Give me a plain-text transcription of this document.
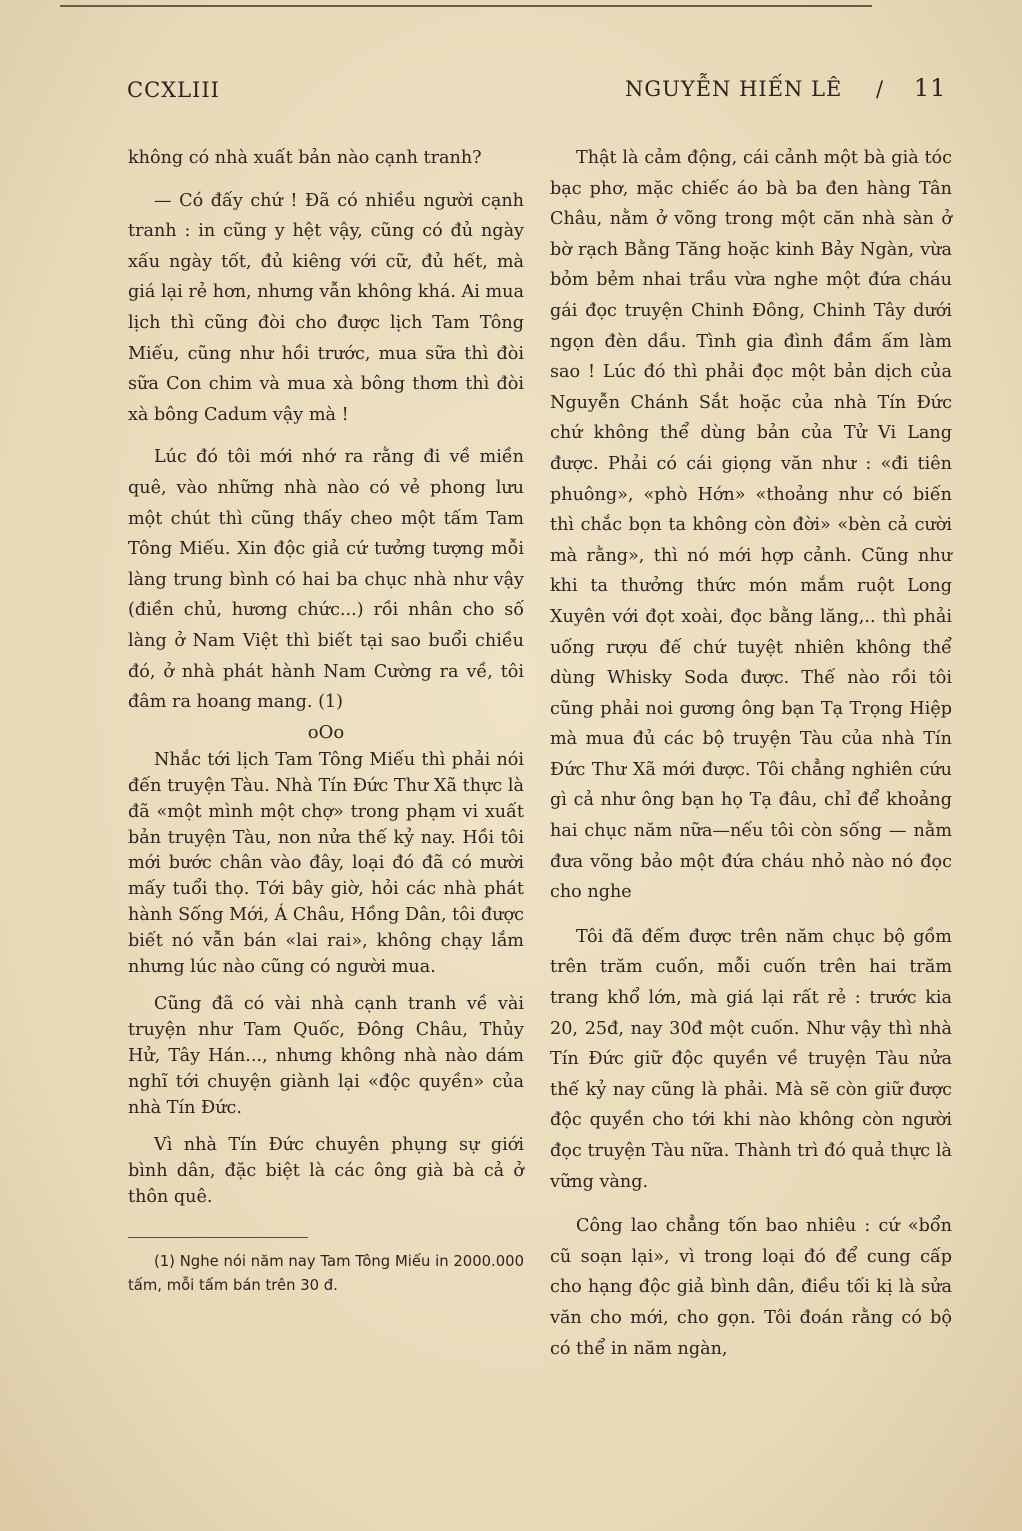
CCXLIII	NGUYỄN HIẾN LÊ / 11

không có nhà xuất bản nào cạnh tranh?

— Có đấy chứ ! Đã có nhiều người cạnh tranh : in cũng y hệt vậy, cũng có đủ ngày xấu ngày tốt, đủ kiêng với cữ, đủ hết, mà giá lại rẻ hơn, nhưng vẫn không khá. Ai mua lịch thì cũng đòi cho được lịch Tam Tông Miếu, cũng như hồi trước, mua sữa thì đòi sữa Con chim và mua xà bông thơm thì đòi xà bông Cadum vậy mà !

Lúc đó tôi mới nhớ ra rằng đi về miền quê, vào những nhà nào có vẻ phong lưu một chút thì cũng thấy cheo một tấm Tam Tông Miếu. Xin độc giả cứ tưởng tượng mỗi làng trung bình có hai ba chục nhà như vậy (điền chủ, hương chức...) rồi nhân cho số làng ở Nam Việt thì biết tại sao buổi chiều đó, ở nhà phát hành Nam Cường ra về, tôi đâm ra hoang mang. (1)

oOo

Nhắc tới lịch Tam Tông Miếu thì phải nói đến truyện Tàu. Nhà Tín Đức Thư Xã thực là đã «một mình một chợ» trong phạm vi xuất bản truyện Tàu, non nửa thế kỷ nay. Hồi tôi mới bước chân vào đây, loại đó đã có mười mấy tuổi thọ. Tới bây giờ, hỏi các nhà phát hành Sống Mới, Á Châu, Hồng Dân, tôi được biết nó vẫn bán «lai rai», không chạy lắm nhưng lúc nào cũng có người mua.

Cũng đã có vài nhà cạnh tranh về vài truyện như Tam Quốc, Đông Châu, Thủy Hử, Tây Hán..., nhưng không nhà nào dám nghĩ tới chuyện giành lại «độc quyền» của nhà Tín Đức.

Vì nhà Tín Đức chuyên phụng sự giới bình dân, đặc biệt là các ông già bà cả ở thôn quê.

(1) Nghe nói năm nay Tam Tông Miếu in 2000.000 tấm, mỗi tấm bán trên 30 đ.

Thật là cảm động, cái cảnh một bà già tóc bạc phơ, mặc chiếc áo bà ba đen hàng Tân Châu, nằm ở võng trong một căn nhà sàn ở bờ rạch Bằng Tăng hoặc kinh Bảy Ngàn, vừa bỏm bẻm nhai trầu vừa nghe một đứa cháu gái đọc truyện Chinh Đông, Chinh Tây dưới ngọn đèn dầu. Tình gia đình đầm ấm làm sao ! Lúc đó thì phải đọc một bản dịch của Nguyễn Chánh Sắt hoặc của nhà Tín Đức chứ không thể dùng bản của Tử Vi Lang được. Phải có cái giọng văn như : «đi tiên phuông», «phò Hớn» «thoảng như có biến thì chắc bọn ta không còn đời» «bèn cả cười mà rằng», thì nó mới hợp cảnh. Cũng như khi ta thưởng thức món mắm ruột Long Xuyên với đọt xoài, đọc bằng lăng,.. thì phải uống rượu đế chứ tuyệt nhiên không thể dùng Whisky Soda được. Thế nào rồi tôi cũng phải noi gương ông bạn Tạ Trọng Hiệp mà mua đủ các bộ truyện Tàu của nhà Tín Đức Thư Xã mới được. Tôi chẳng nghiên cứu gì cả như ông bạn họ Tạ đâu, chỉ để khoảng hai chục năm nữa—nếu tôi còn sống — nằm đưa võng bảo một đứa cháu nhỏ nào nó đọc cho nghe

Tôi đã đếm được trên năm chục bộ gồm trên trăm cuốn, mỗi cuốn trên hai trăm trang khổ lớn, mà giá lại rất rẻ : trước kia 20, 25đ, nay 30đ một cuốn. Như vậy thì nhà Tín Đức giữ độc quyền về truyện Tàu nửa thế kỷ nay cũng là phải. Mà sẽ còn giữ được độc quyền cho tới khi nào không còn người đọc truyện Tàu nữa. Thành trì đó quả thực là vững vàng.

Công lao chẳng tốn bao nhiêu : cứ «bổn cũ soạn lại», vì trong loại đó để cung cấp cho hạng độc giả bình dân, điều tối kị là sửa văn cho mới, cho gọn. Tôi đoán rằng có bộ có thể in năm ngàn,
